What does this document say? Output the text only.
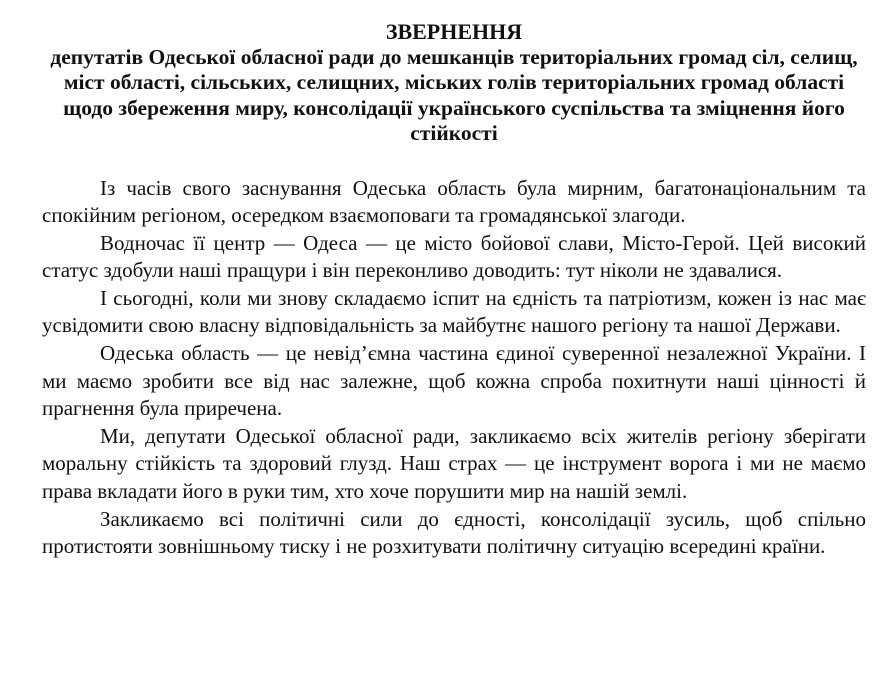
ЗВЕРНЕННЯ
депутатів Одеської обласної ради до мешканців територіальних громад сіл, селищ, міст області, сільських, селищних, міських голів територіальних громад області щодо збереження миру, консолідації українського суспільства та зміцнення його стійкості

Із часів свого заснування Одеська область була мирним, багатонаціональним та спокійним регіоном, осередком взаємоповаги та громадянської злагоди.

Водночас її центр — Одеса — це місто бойової слави, Місто-Герой. Цей високий статус здобули наші пращури і він переконливо доводить: тут ніколи не здавалися.

І сьогодні, коли ми знову складаємо іспит на єдність та патріотизм, кожен із нас має усвідомити свою власну відповідальність за майбутнє нашого регіону та нашої Держави.

Одеська область — це невід’ємна частина єдиної суверенної незалежної України. І ми маємо зробити все від нас залежне, щоб кожна спроба похитнути наші цінності й прагнення була приречена.

Ми, депутати Одеської обласної ради, закликаємо всіх жителів регіону зберігати моральну стійкість та здоровий глузд. Наш страх — це інструмент ворога і ми не маємо права вкладати його в руки тим, хто хоче порушити мир на нашій землі.

Закликаємо всі політичні сили до єдності, консолідації зусиль, щоб спільно протистояти зовнішньому тиску і не розхитувати політичну ситуацію всередині країни.
